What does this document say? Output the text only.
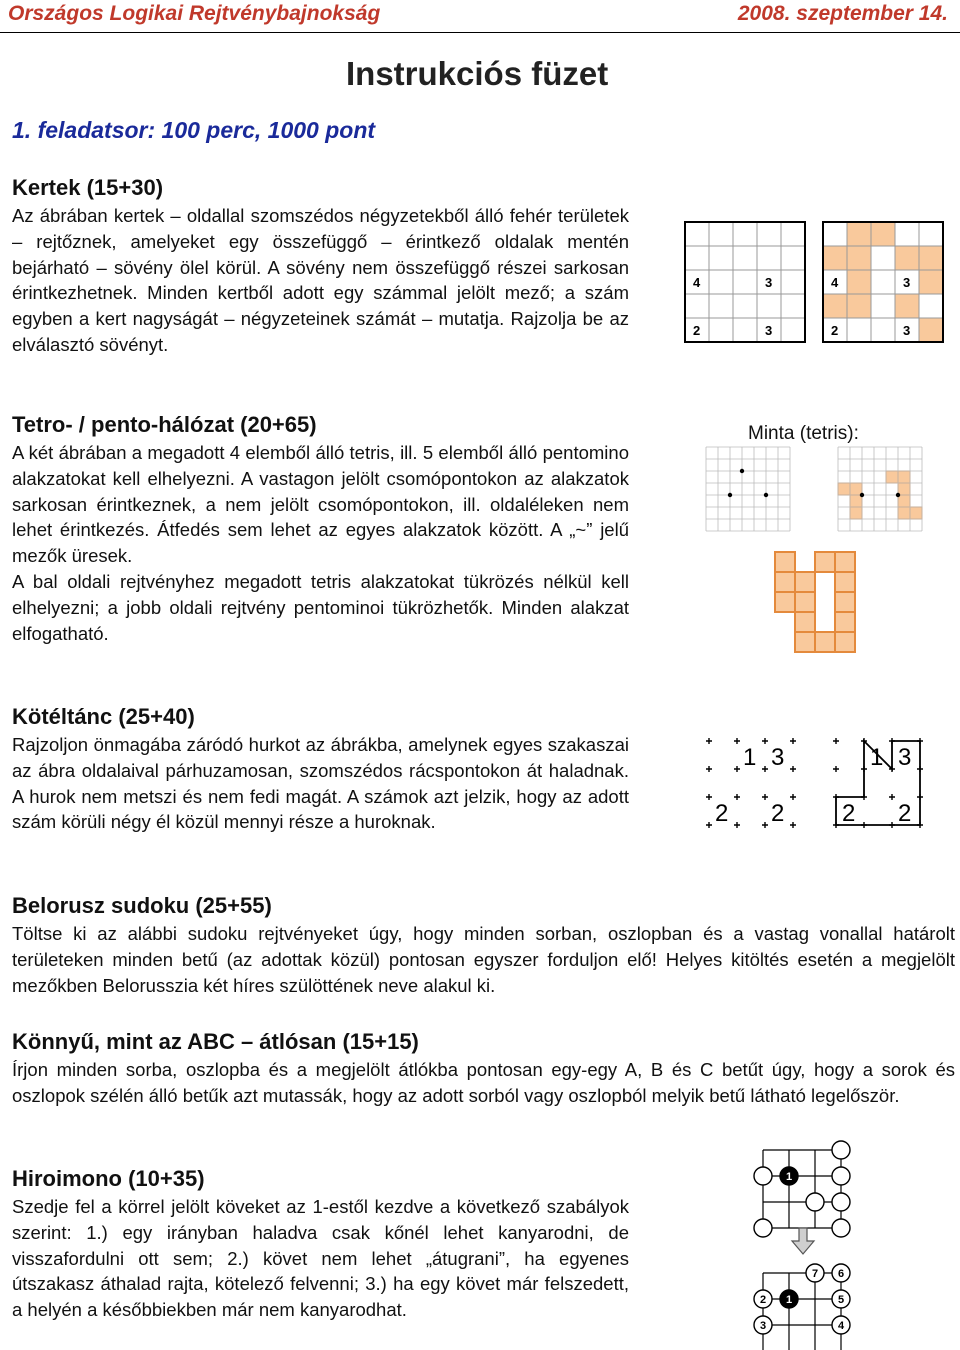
Országos Logikai Rejtvénybajnokság	2008. szeptember 14.
Instrukciós füzet
1. feladatsor: 100 perc, 1000 pont
Kertek (15+30)
Az ábrában kertek – oldallal szomszédos négyzetekből álló fehér területek – rejtőznek, amelyeket egy összefüggő – érintkező oldalak mentén bejárható – sövény ölel körül. A sövény nem összefüggő részei sarkosan érintkezhetnek. Minden kertből adott egy számmal jelölt mező; a szám egyben a kert nagyságát – négyzeteinek számát – mutatja. Rajzolja be az elválasztó sövényt.
4	3
2	3
4	3
2	3
Tetro- / pento-hálózat (20+65)

A két ábrában a megadott 4 elemből álló tetris, ill. 5 elemből álló pentomino alakzatokat kell elhelyezni. A vastagon jelölt csomópontokon az alakzatok sarkosan érintkeznek, a nem jelölt csomópontokon, ill. oldaléleken nem lehet érintkezés. Átfedés sem lehet az egyes alakzatok között. A „~” jelű mezők üresek.

A bal oldali rejtvényhez megadott tetris alakzatokat tükrözés nélkül kell elhelyezni; a jobb oldali rejtvény pentominoi tükrözhetők. Minden alakzat elfogatható.

Minta (tetris):
Kötéltánc (25+40)
Rajzoljon önmagába záródó hurkot az ábrákba, amelynek egyes szakaszai az ábra oldalaival párhuzamosan, szomszédos rácspontokon át haladnak. A hurok nem metszi és nem fedi magát. A számok azt jelzik, hogy az adott szám körüli négy él közül mennyi része a huroknak.
1 3
2 2
1 3
2 2
Belorusz sudoku (25+55)
Töltse ki az alábbi sudoku rejtvényeket úgy, hogy minden sorban, oszlopban és a vastag vonallal határolt területeken minden betű (az adottak közül) pontosan egyszer forduljon elő! Helyes kitöltés esetén a megjelölt mezőkben Belorusszia két híres szülöttének neve alakul ki.
Könnyű, mint az ABC – átlósan (15+15)
Írjon minden sorba, oszlopba és a megjelölt átlókba pontosan egy-egy A, B és C betűt úgy, hogy a sorok és oszlopok szélén álló betűk azt mutassák, hogy az adott sorból vagy oszlopból melyik betű látható legelőször.
Hiroimono (10+35)
Szedje fel a körrel jelölt köveket az 1-estől kezdve a következő szabályok szerint: 1.) egy irányban haladva csak kőnél lehet kanyarodni, de visszafordulni ott sem; 2.) követ nem lehet „átugrani”, ha egyenes útszakasz áthalad rajta, kötelező felvenni; 3.) ha egy követ már felszedett, a helyén a későbbiekben már nem kanyarodhat.
1
7 6
2 1	5
3	4
